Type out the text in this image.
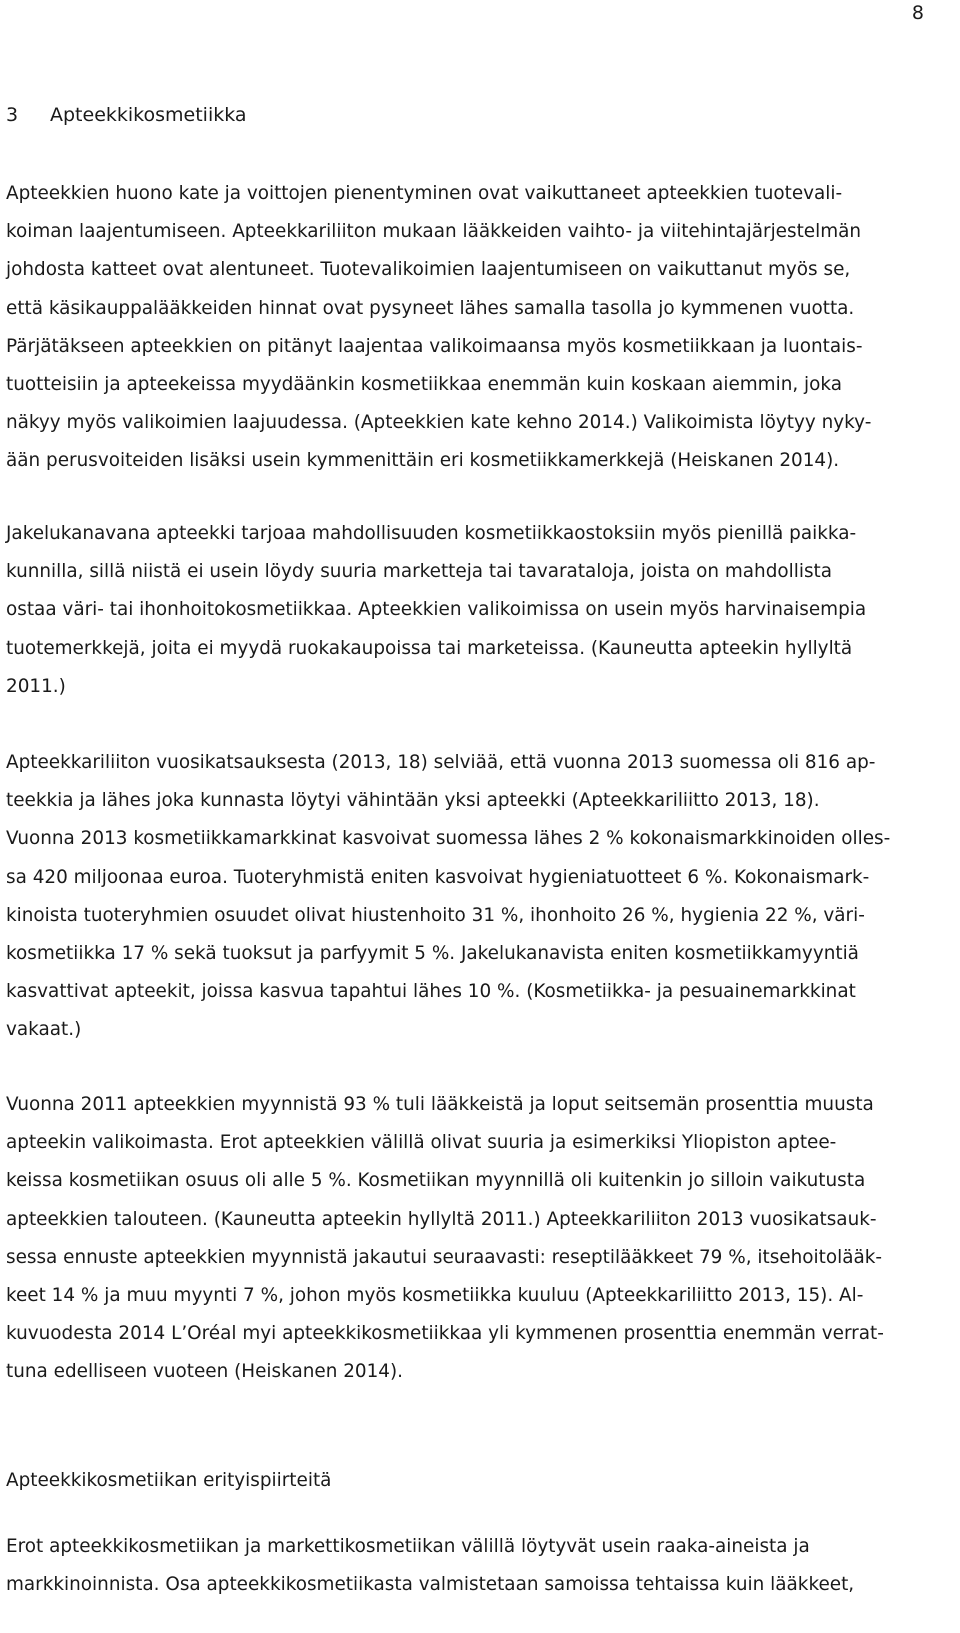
8
3 Apteekkikosmetiikka
Apteekkien huono kate ja voittojen pienentyminen ovat vaikuttaneet apteekkien tuotevali-
koiman laajentumiseen. Apteekkariliiton mukaan lääkkeiden vaihto- ja viitehintajärjestelmän
johdosta katteet ovat alentuneet. Tuotevalikoimien laajentumiseen on vaikuttanut myös se,
että käsikauppalääkkeiden hinnat ovat pysyneet lähes samalla tasolla jo kymmenen vuotta.
Pärjätäkseen apteekkien on pitänyt laajentaa valikoimaansa myös kosmetiikkaan ja luontais-
tuotteisiin ja apteekeissa myydäänkin kosmetiikkaa enemmän kuin koskaan aiemmin, joka
näkyy myös valikoimien laajuudessa. (Apteekkien kate kehno 2014.) Valikoimista löytyy nyky-
ään perusvoiteiden lisäksi usein kymmenittäin eri kosmetiikkamerkkejä (Heiskanen 2014).
Jakelukanavana apteekki tarjoaa mahdollisuuden kosmetiikkaostoksiin myös pienillä paikka-
kunnilla, sillä niistä ei usein löydy suuria marketteja tai tavarataloja, joista on mahdollista
ostaa väri- tai ihonhoitokosmetiikkaa. Apteekkien valikoimissa on usein myös harvinaisempia
tuotemerkkejä, joita ei myydä ruokakaupoissa tai marketeissa. (Kauneutta apteekin hyllyltä
2011.)
Apteekkariliiton vuosikatsauksesta (2013, 18) selviää, että vuonna 2013 suomessa oli 816 ap-
teekkia ja lähes joka kunnasta löytyi vähintään yksi apteekki (Apteekkariliitto 2013, 18).
Vuonna 2013 kosmetiikkamarkkinat kasvoivat suomessa lähes 2 % kokonaismarkkinoiden olles-
sa 420 miljoonaa euroa. Tuoteryhmistä eniten kasvoivat hygieniatuotteet 6 %. Kokonaismark-
kinoista tuoteryhmien osuudet olivat hiustenhoito 31 %, ihonhoito 26 %, hygienia 22 %, väri-
kosmetiikka 17 % sekä tuoksut ja parfyymit 5 %. Jakelukanavista eniten kosmetiikkamyyntiä
kasvattivat apteekit, joissa kasvua tapahtui lähes 10 %. (Kosmetiikka- ja pesuainemarkkinat
vakaat.)
Vuonna 2011 apteekkien myynnistä 93 % tuli lääkkeistä ja loput seitsemän prosenttia muusta
apteekin valikoimasta. Erot apteekkien välillä olivat suuria ja esimerkiksi Yliopiston aptee-
keissa kosmetiikan osuus oli alle 5 %. Kosmetiikan myynnillä oli kuitenkin jo silloin vaikutusta
apteekkien talouteen. (Kauneutta apteekin hyllyltä 2011.) Apteekkariliiton 2013 vuosikatsauk-
sessa ennuste apteekkien myynnistä jakautui seuraavasti: reseptilääkkeet 79 %, itsehoitolääk-
keet 14 % ja muu myynti 7 %, johon myös kosmetiikka kuuluu (Apteekkariliitto 2013, 15). Al-
kuvuodesta 2014 L’Oréal myi apteekkikosmetiikkaa yli kymmenen prosenttia enemmän verrat-
tuna edelliseen vuoteen (Heiskanen 2014).
Apteekkikosmetiikan erityispiirteitä
Erot apteekkikosmetiikan ja markettikosmetiikan välillä löytyvät usein raaka-aineista ja
markkinoinnista. Osa apteekkikosmetiikasta valmistetaan samoissa tehtaissa kuin lääkkeet,
